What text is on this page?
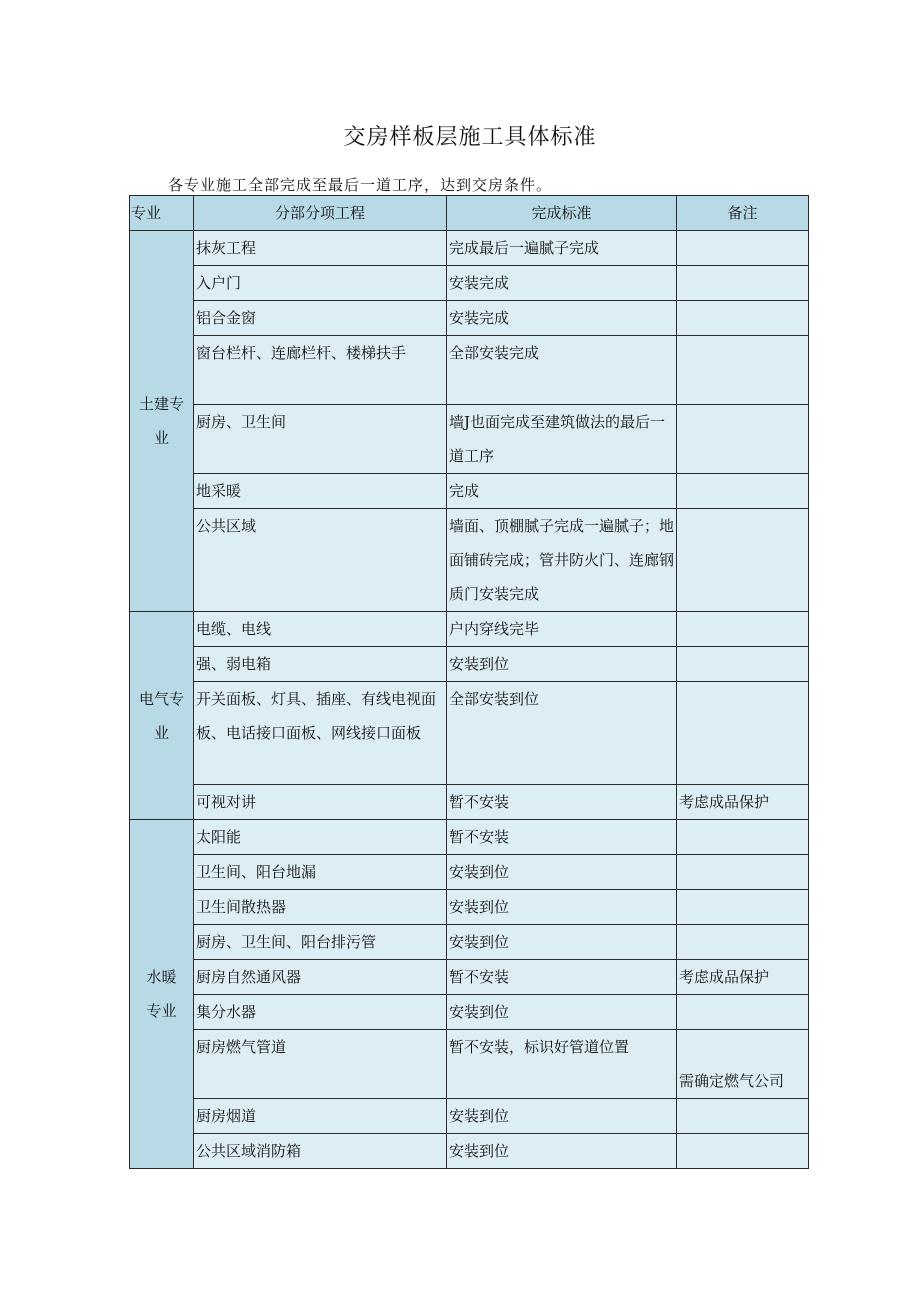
交房样板层施工具体标准
各专业施工全部完成至最后一道工序，达到交房条件。
专业	分部分项工程	完成标准	备注
土建专业	抹灰工程	完成最后一遍腻子完成	
	入户门	安装完成	
	铝合金窗	安装完成	
	窗台栏杆、连廊栏杆、楼梯扶手	全部安装完成	
	厨房、卫生间	墙J也面完成至建筑做法的最后一道工序	
	地采暖	完成	
	公共区域	墙面、顶棚腻子完成一遍腻子；地面铺砖完成；管井防火门、连廊钢质门安装完成	
电气专业	电缆、电线	户内穿线完毕	
	强、弱电箱	安装到位	
	开关面板、灯具、插座、有线电视面板、电话接口面板、网线接口面板	全部安装到位	
	可视对讲	暂不安装	考虑成品保护
水暖专业	太阳能	暂不安装	
	卫生间、阳台地漏	安装到位	
	卫生间散热器	安装到位	
	厨房、卫生间、阳台排污管	安装到位	
	厨房自然通风器	暂不安装	考虑成品保护
	集分水器	安装到位	
	厨房燃气管道	暂不安装，标识好管道位置	需确定燃气公司
	厨房烟道	安装到位	
	公共区域消防箱	安装到位	
